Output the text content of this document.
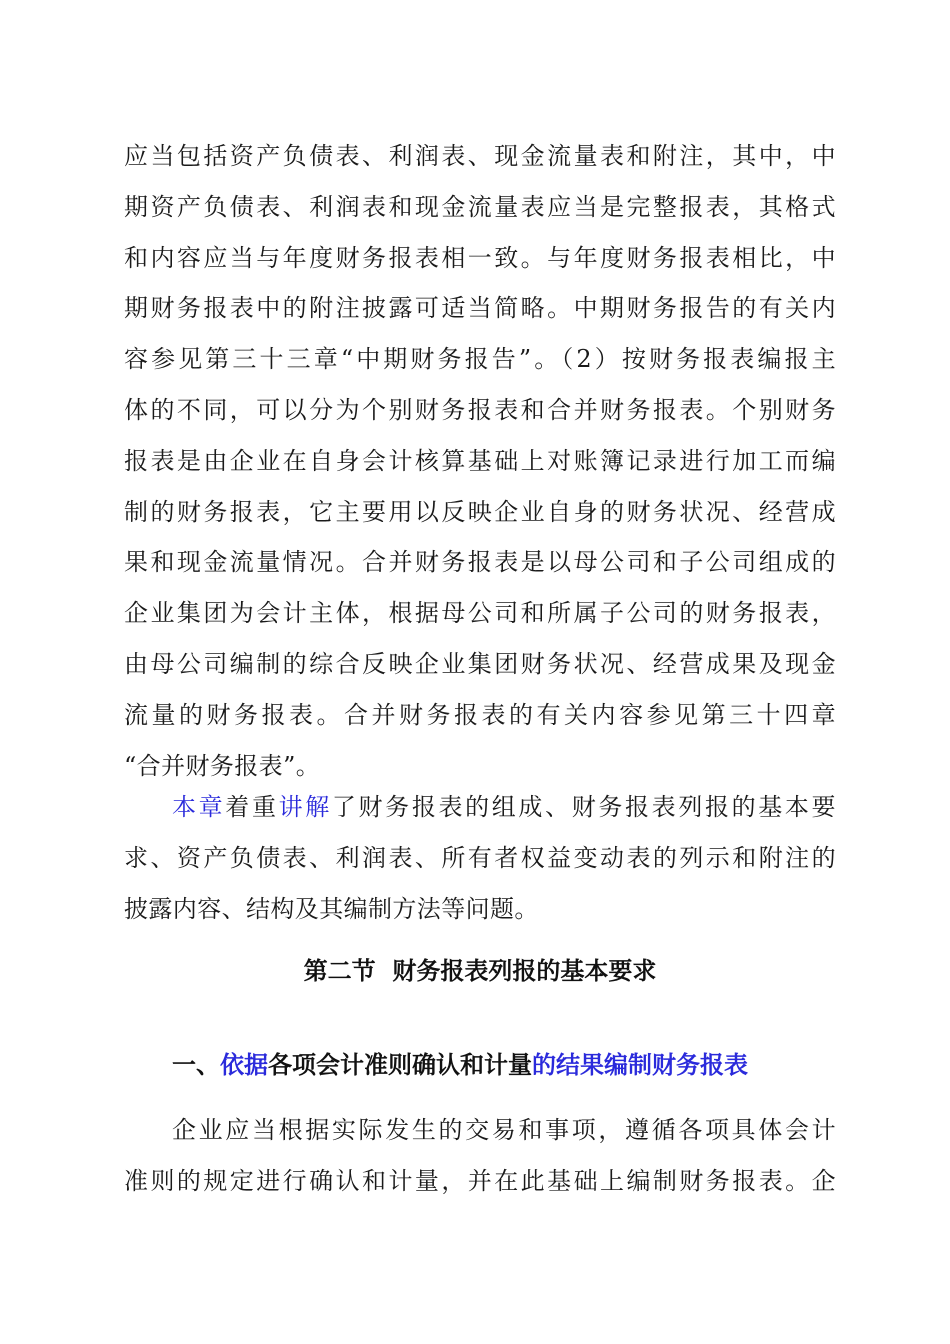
应当包括资产负债表、利润表、现金流量表和附注，其中，中
期资产负债表、利润表和现金流量表应当是完整报表，其格式
和内容应当与年度财务报表相一致。与年度财务报表相比，中
期财务报表中的附注披露可适当简略。中期财务报告的有关内
容参见第三十三章“中期财务报告”。（2）按财务报表编报主
体的不同，可以分为个别财务报表和合并财务报表。个别财务
报表是由企业在自身会计核算基础上对账簿记录进行加工而编
制的财务报表，它主要用以反映企业自身的财务状况、经营成
果和现金流量情况。合并财务报表是以母公司和子公司组成的
企业集团为会计主体，根据母公司和所属子公司的财务报表，
由母公司编制的综合反映企业集团财务状况、经营成果及现金
流量的财务报表。合并财务报表的有关内容参见第三十四章
“合并财务报表”。
本章着重讲解了财务报表的组成、财务报表列报的基本要
求、资产负债表、利润表、所有者权益变动表的列示和附注的
披露内容、结构及其编制方法等问题。
第二节  财务报表列报的基本要求
一、依据各项会计准则确认和计量的结果编制财务报表
企业应当根据实际发生的交易和事项，遵循各项具体会计
准则的规定进行确认和计量，并在此基础上编制财务报表。企
